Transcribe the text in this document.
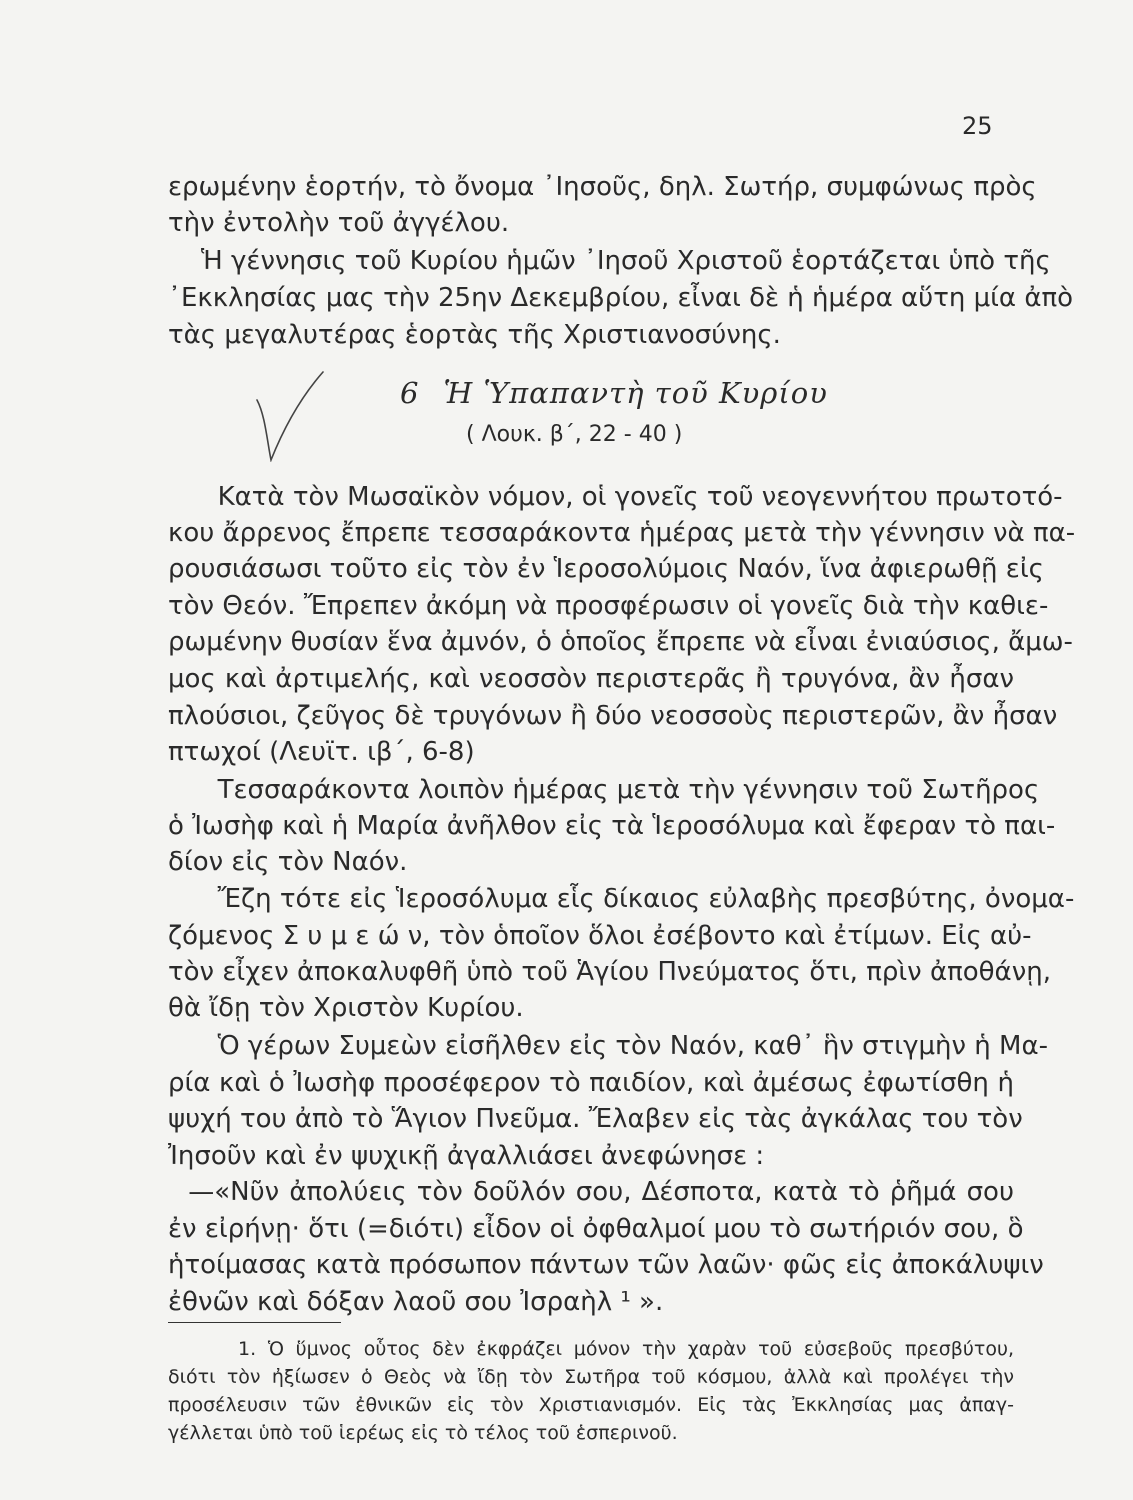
25
ερωμένην ἑορτήν, τὸ ὄνομα ᾿Ιησοῦς, δηλ. Σωτήρ, συμφώνως πρὸς
τὴν ἐντολὴν τοῦ ἀγγέλου.
Ἡ γέννησις τοῦ Κυρίου ἡμῶν ᾿Ιησοῦ Χριστοῦ ἑορτάζεται ὑπὸ τῆς
᾿Εκκλησίας μας τὴν 25ην Δεκεμβρίου, εἶναι δὲ ἡ ἡμέρα αὕτη μία ἀπὸ
τὰς μεγαλυτέρας ἑορτὰς τῆς Χριστιανοσύνης.
6 Ἡ Ὑπαπαντὴ τοῦ Κυρίου
( Λουκ. β΄, 22 - 40 )
Κατὰ τὸν Μωσαϊκὸν νόμον, οἱ γονεῖς τοῦ νεογεννήτου πρωτοτό-
κου ἄρρενος ἔπρεπε τεσσαράκοντα ἡμέρας μετὰ τὴν γέννησιν νὰ πα-
ρουσιάσωσι τοῦτο εἰς τὸν ἐν Ἱεροσολύμοις Ναόν, ἵνα ἀφιερωθῇ εἰς
τὸν Θεόν. Ἔπρεπεν ἀκόμη νὰ προσφέρωσιν οἱ γονεῖς διὰ τὴν καθιε-
ρωμένην θυσίαν ἕνα ἀμνόν, ὁ ὁποῖος ἔπρεπε νὰ εἶναι ἐνιαύσιος, ἄμω-
μος καὶ ἀρτιμελής, καὶ νεοσσὸν περιστερᾶς ἢ τρυγόνα, ἂν ἦσαν
πλούσιοι, ζεῦγος δὲ τρυγόνων ἢ δύο νεοσσοὺς περιστερῶν, ἂν ἦσαν
πτωχοί (Λευϊτ. ιβ΄, 6-8)
Τεσσαράκοντα λοιπὸν ἡμέρας μετὰ τὴν γέννησιν τοῦ Σωτῆρος
ὁ Ἰωσὴφ καὶ ἡ Μαρία ἀνῆλθον εἰς τὰ Ἱεροσόλυμα καὶ ἔφεραν τὸ παι-
δίον εἰς τὸν Ναόν.
Ἔζη τότε εἰς Ἱεροσόλυμα εἷς δίκαιος εὐλαβὴς πρεσβύτης, ὀνομα-
ζόμενος Σ υ μ ε ώ ν, τὸν ὁποῖον ὅλοι ἐσέβοντο καὶ ἐτίμων. Εἰς αὐ-
τὸν εἶχεν ἀποκαλυφθῆ ὑπὸ τοῦ Ἁγίου Πνεύματος ὅτι, πρὶν ἀποθάνῃ,
θὰ ἴδῃ τὸν Χριστὸν Κυρίου.
Ὁ γέρων Συμεὼν εἰσῆλθεν εἰς τὸν Ναόν, καθ᾿ ἣν στιγμὴν ἡ Μα-
ρία καὶ ὁ Ἰωσὴφ προσέφερον τὸ παιδίον, καὶ ἀμέσως ἐφωτίσθη ἡ
ψυχή του ἀπὸ τὸ Ἅγιον Πνεῦμα. Ἔλαβεν εἰς τὰς ἀγκάλας του τὸν
Ἰησοῦν καὶ ἐν ψυχικῇ ἀγαλλιάσει ἀνεφώνησε :
—«Νῦν ἀπολύεις τὸν δοῦλόν σου, Δέσποτα, κατὰ τὸ ῥῆμά σου
ἐν εἰρήνῃ· ὅτι (=διότι) εἶδον οἱ ὀφθαλμοί μου τὸ σωτήριόν σου, ὃ
ἡτοίμασας κατὰ πρόσωπον πάντων τῶν λαῶν· φῶς εἰς ἀποκάλυψιν
ἐθνῶν καὶ δόξαν λαοῦ σου Ἰσραὴλ ¹ ».
1. Ὁ ὕμνος οὗτος δὲν ἐκφράζει μόνον τὴν χαρὰν τοῦ εὐσεβοῦς πρεσβύτου,
διότι τὸν ἠξίωσεν ὁ Θεὸς νὰ ἴδῃ τὸν Σωτῆρα τοῦ κόσμου, ἀλλὰ καὶ προλέγει τὴν
προσέλευσιν τῶν ἐθνικῶν εἰς τὸν Χριστιανισμόν. Εἰς τὰς Ἐκκλησίας μας ἀπαγ-
γέλλεται ὑπὸ τοῦ ἱερέως εἰς τὸ τέλος τοῦ ἑσπερινοῦ.
